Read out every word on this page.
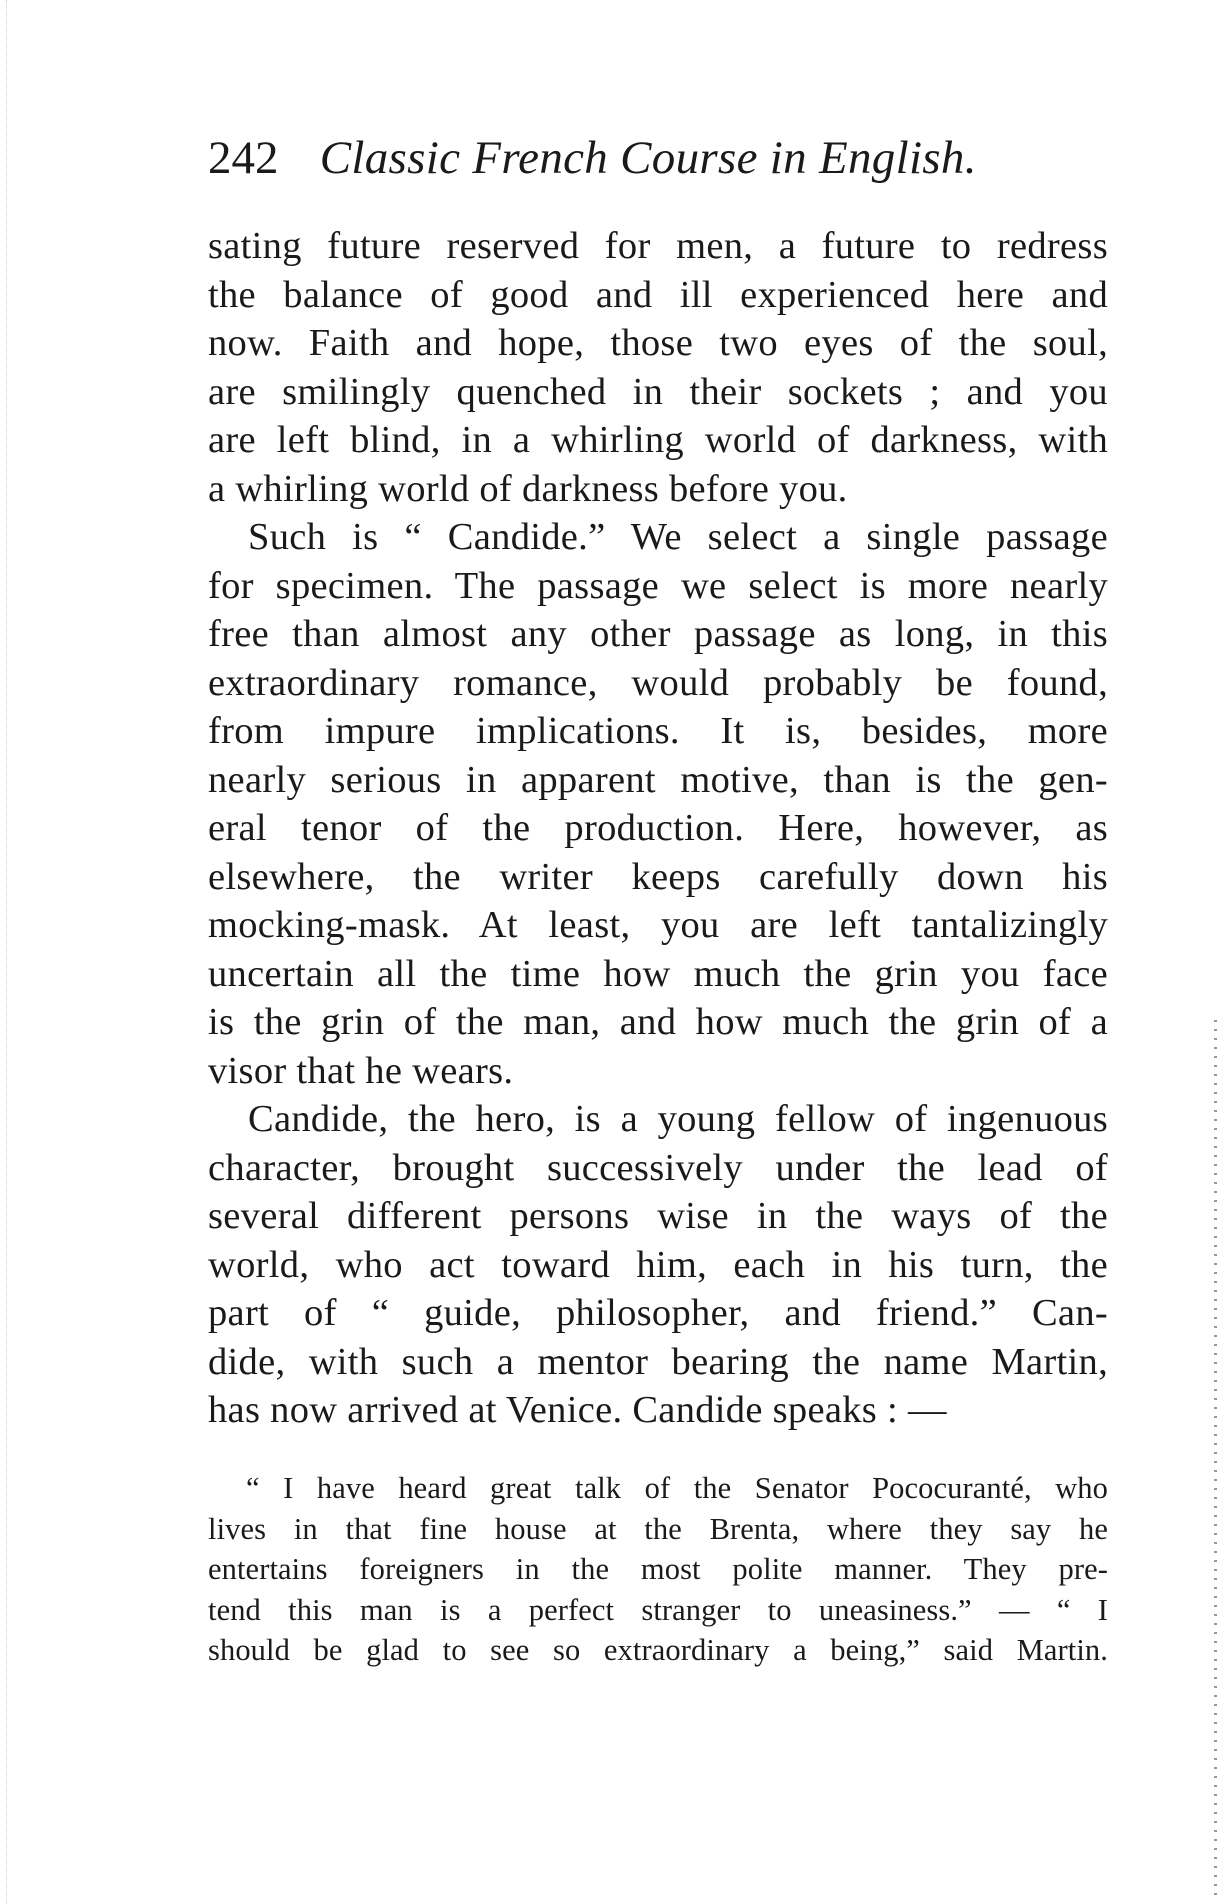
242 Classic French Course in English.
sating future reserved for men, a future to redress
the balance of good and ill experienced here and
now. Faith and hope, those two eyes of the soul,
are smilingly quenched in their sockets ; and you
are left blind, in a whirling world of darkness, with
a whirling world of darkness before you.
Such is “ Candide.” We select a single passage
for specimen. The passage we select is more nearly
free than almost any other passage as long, in this
extraordinary romance, would probably be found,
from impure implications. It is, besides, more
nearly serious in apparent motive, than is the gen-
eral tenor of the production. Here, however, as
elsewhere, the writer keeps carefully down his
mocking-mask. At least, you are left tantalizingly
uncertain all the time how much the grin you face
is the grin of the man, and how much the grin of a
visor that he wears.
Candide, the hero, is a young fellow of ingenuous
character, brought successively under the lead of
several different persons wise in the ways of the
world, who act toward him, each in his turn, the
part of “ guide, philosopher, and friend.” Can-
dide, with such a mentor bearing the name Martin,
has now arrived at Venice. Candide speaks : —
“ I have heard great talk of the Senator Pococuranté, who
lives in that fine house at the Brenta, where they say he
entertains foreigners in the most polite manner. They pre-
tend this man is a perfect stranger to uneasiness.” — “ I
should be glad to see so extraordinary a being,” said Martin.
